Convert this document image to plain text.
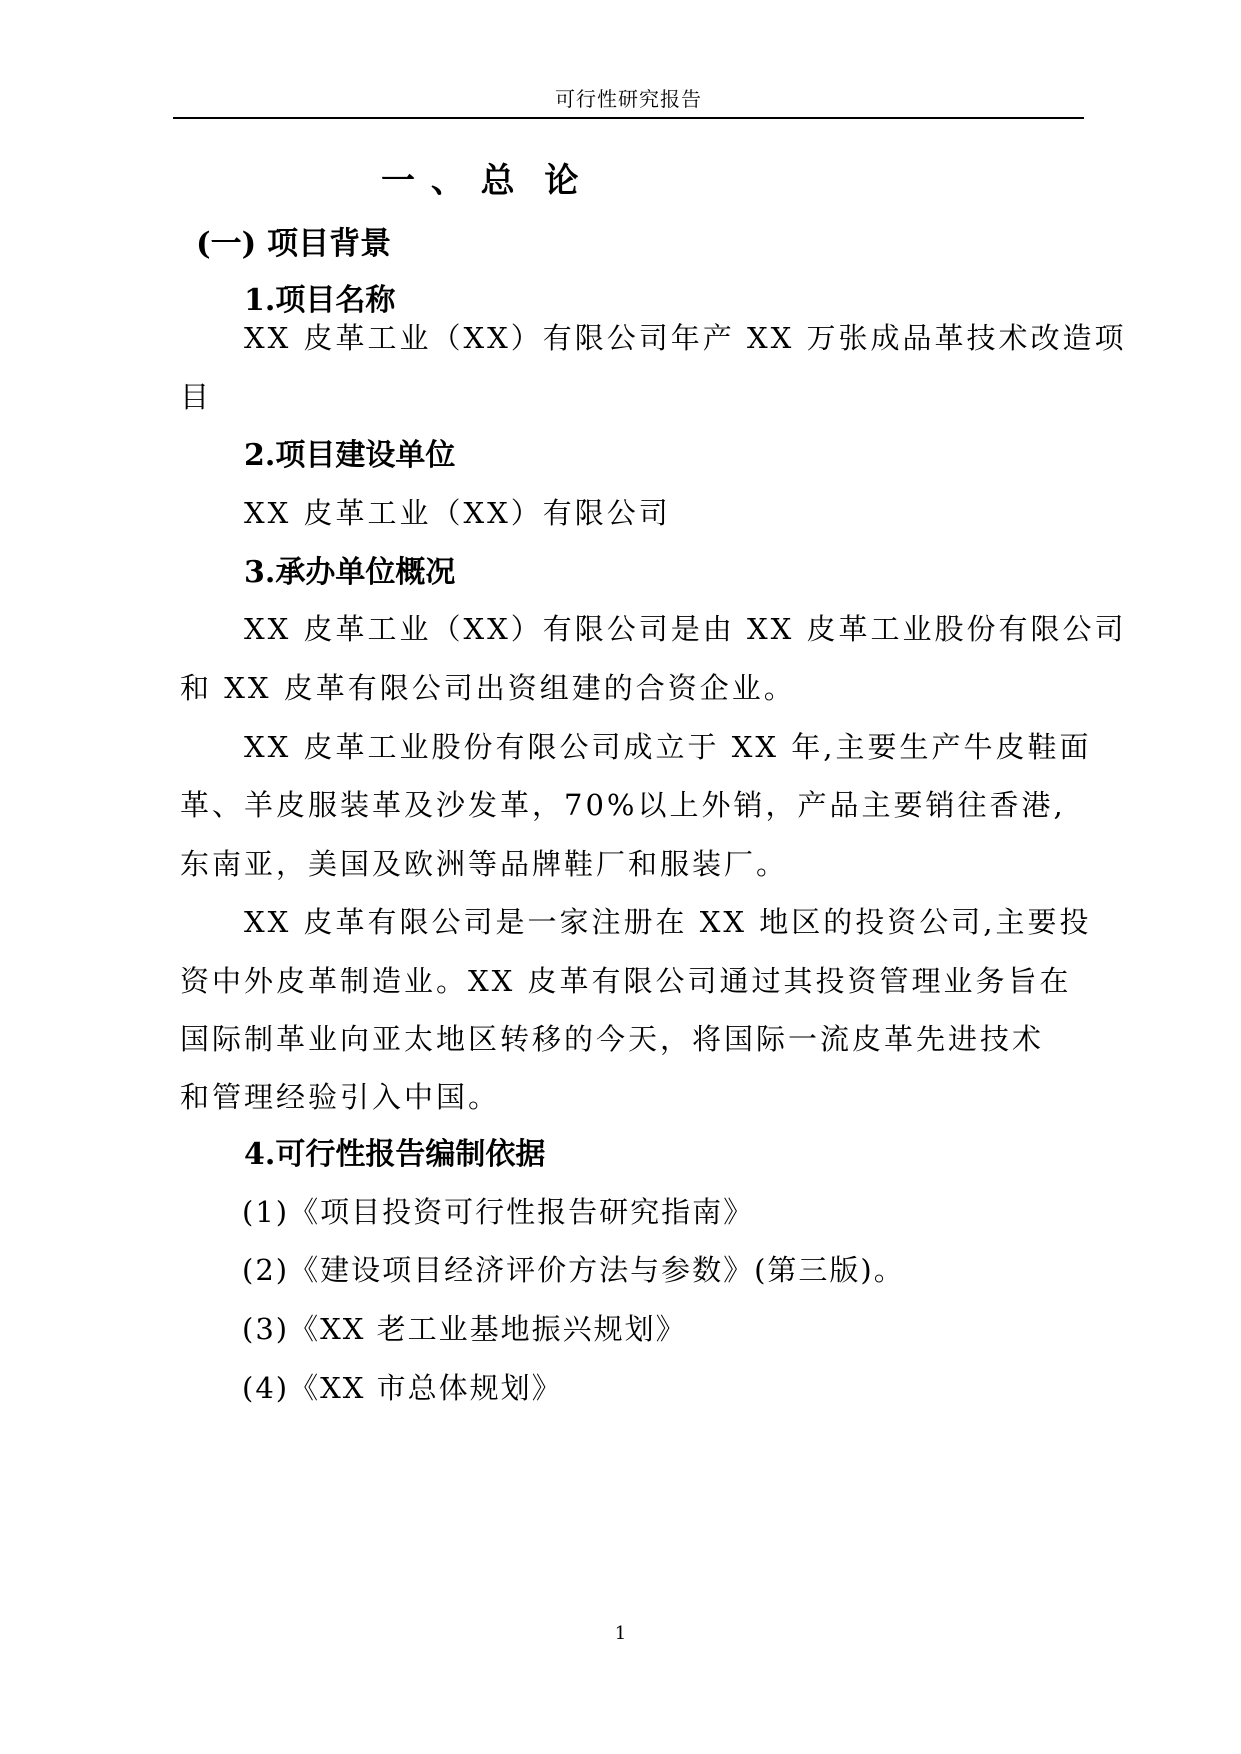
可行性研究报告
一 、 总  论
(一) 项目背景
1.项目名称
XX 皮革工业（XX）有限公司年产 XX 万张成品革技术改造项
目
2.项目建设单位
XX 皮革工业（XX）有限公司
3.承办单位概况
XX 皮革工业（XX）有限公司是由 XX 皮革工业股份有限公司
和 XX 皮革有限公司出资组建的合资企业。
XX 皮革工业股份有限公司成立于 XX 年,主要生产牛皮鞋面
革、羊皮服装革及沙发革，70%以上外销，产品主要销往香港,
东南亚，美国及欧洲等品牌鞋厂和服装厂。
XX 皮革有限公司是一家注册在 XX 地区的投资公司,主要投
资中外皮革制造业。XX 皮革有限公司通过其投资管理业务旨在
国际制革业向亚太地区转移的今天，将国际一流皮革先进技术
和管理经验引入中国。
4.可行性报告编制依据
(1)《项目投资可行性报告研究指南》
(2)《建设项目经济评价方法与参数》(第三版)。
(3)《XX 老工业基地振兴规划》
(4)《XX 市总体规划》
1
